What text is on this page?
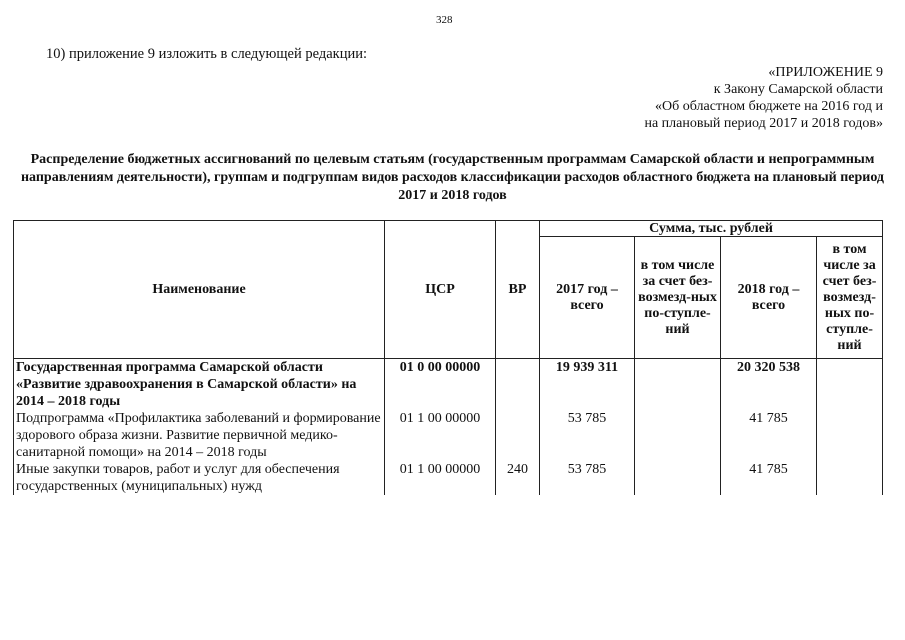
328
10) приложение 9 изложить в следующей редакции:
«ПРИЛОЖЕНИЕ 9
к Закону Самарской области
«Об областном бюджете на 2016 год и
на плановый период 2017 и 2018 годов»
Распределение бюджетных ассигнований по целевым статьям (государственным программам Самарской области и непрограммным направлениям деятельности), группам и подгруппам видов расходов классификации расходов областного бюджета на плановый период 2017 и 2018 годов
Наименование	ЦСР	ВР	Сумма, тыс. рублей			
			2017 год – всего	в том числе за счет без-возмезд-ных по-ступле-ний	2018 год – всего	в том числе за счет без-возмезд-ных по-ступле-ний
Государственная программа Самарской области «Развитие здравоохранения в Самарской области» на 2014 – 2018 годы	01 0 00 00000		19 939 311		20 320 538	
Подпрограмма «Профилактика заболеваний и формирование здорового образа жизни. Развитие первичной медико-санитарной помощи» на 2014 – 2018 годы	01 1 00 00000		53 785		41 785	
Иные закупки товаров, работ и услуг для обеспечения государственных (муниципальных) нужд	01 1 00 00000	240	53 785		41 785	
